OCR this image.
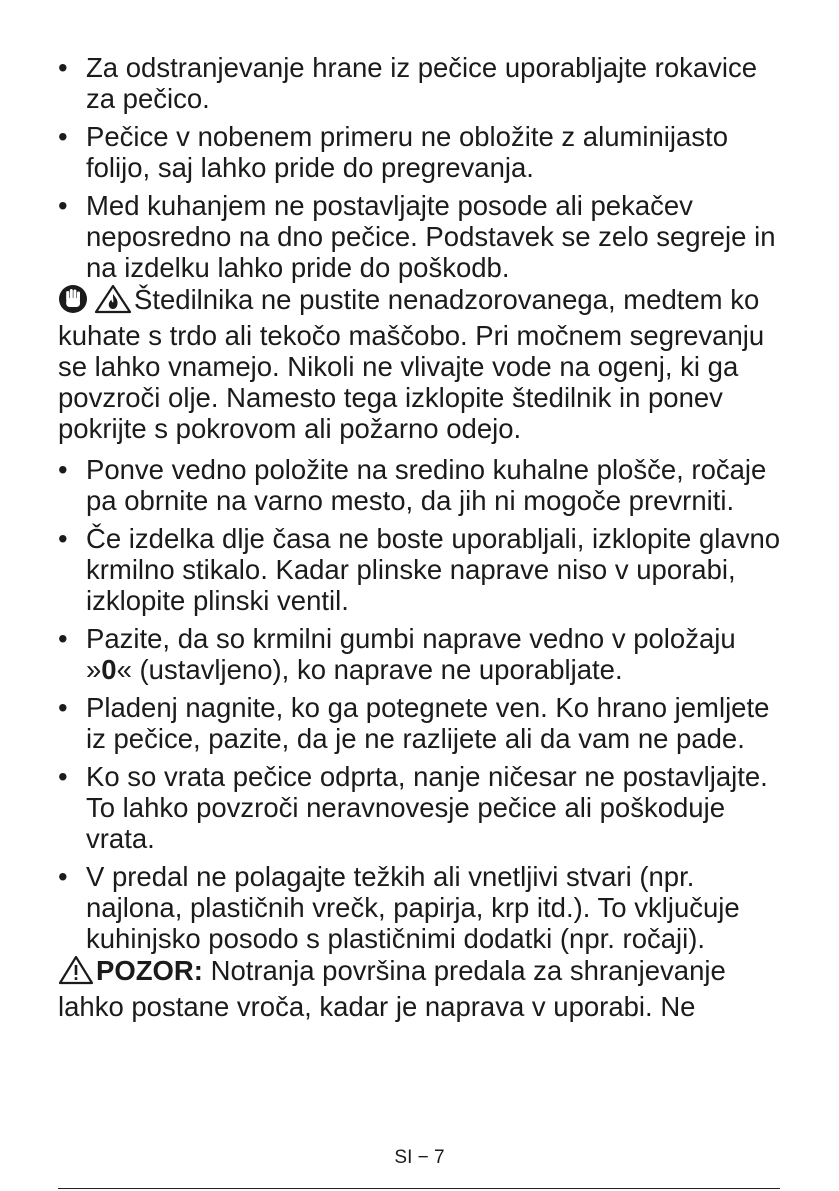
• Za odstranjevanje hrane iz pečice uporabljajte rokavice za pečico.
• Pečice v nobenem primeru ne obložite z aluminijasto folijo, saj lahko pride do pregrevanja.
• Med kuhanjem ne postavljajte posode ali pekačev neposredno na dno pečice. Podstavek se zelo segreje in na izdelku lahko pride do poškodb.

Štedilnika ne pustite nenadzorovanega, medtem ko kuhate s trdo ali tekočo maščobo. Pri močnem segrevanju se lahko vnamejo. Nikoli ne vlivajte vode na ogenj, ki ga povzroči olje. Namesto tega izklopite štedilnik in ponev pokrijte s pokrovom ali požarno odejo.

• Ponve vedno položite na sredino kuhalne plošče, ročaje pa obrnite na varno mesto, da jih ni mogoče prevrniti.
• Če izdelka dlje časa ne boste uporabljali, izklopite glavno krmilno stikalo. Kadar plinske naprave niso v uporabi, izklopite plinski ventil.
• Pazite, da so krmilni gumbi naprave vedno v položaju »0« (ustavljeno), ko naprave ne uporabljate.
• Pladenj nagnite, ko ga potegnete ven. Ko hrano jemljete iz pečice, pazite, da je ne razlijete ali da vam ne pade.
• Ko so vrata pečice odprta, nanje ničesar ne postavljajte. To lahko povzroči neravnovesje pečice ali poškoduje vrata.
• V predal ne polagajte težkih ali vnetljivi stvari (npr. najlona, plastičnih vrečk, papirja, krp itd.). To vključuje kuhinjsko posodo s plastičnimi dodatki (npr. ročaji).

POZOR: Notranja površina predala za shranjevanje lahko postane vroča, kadar je naprava v uporabi. Ne

SI − 7
